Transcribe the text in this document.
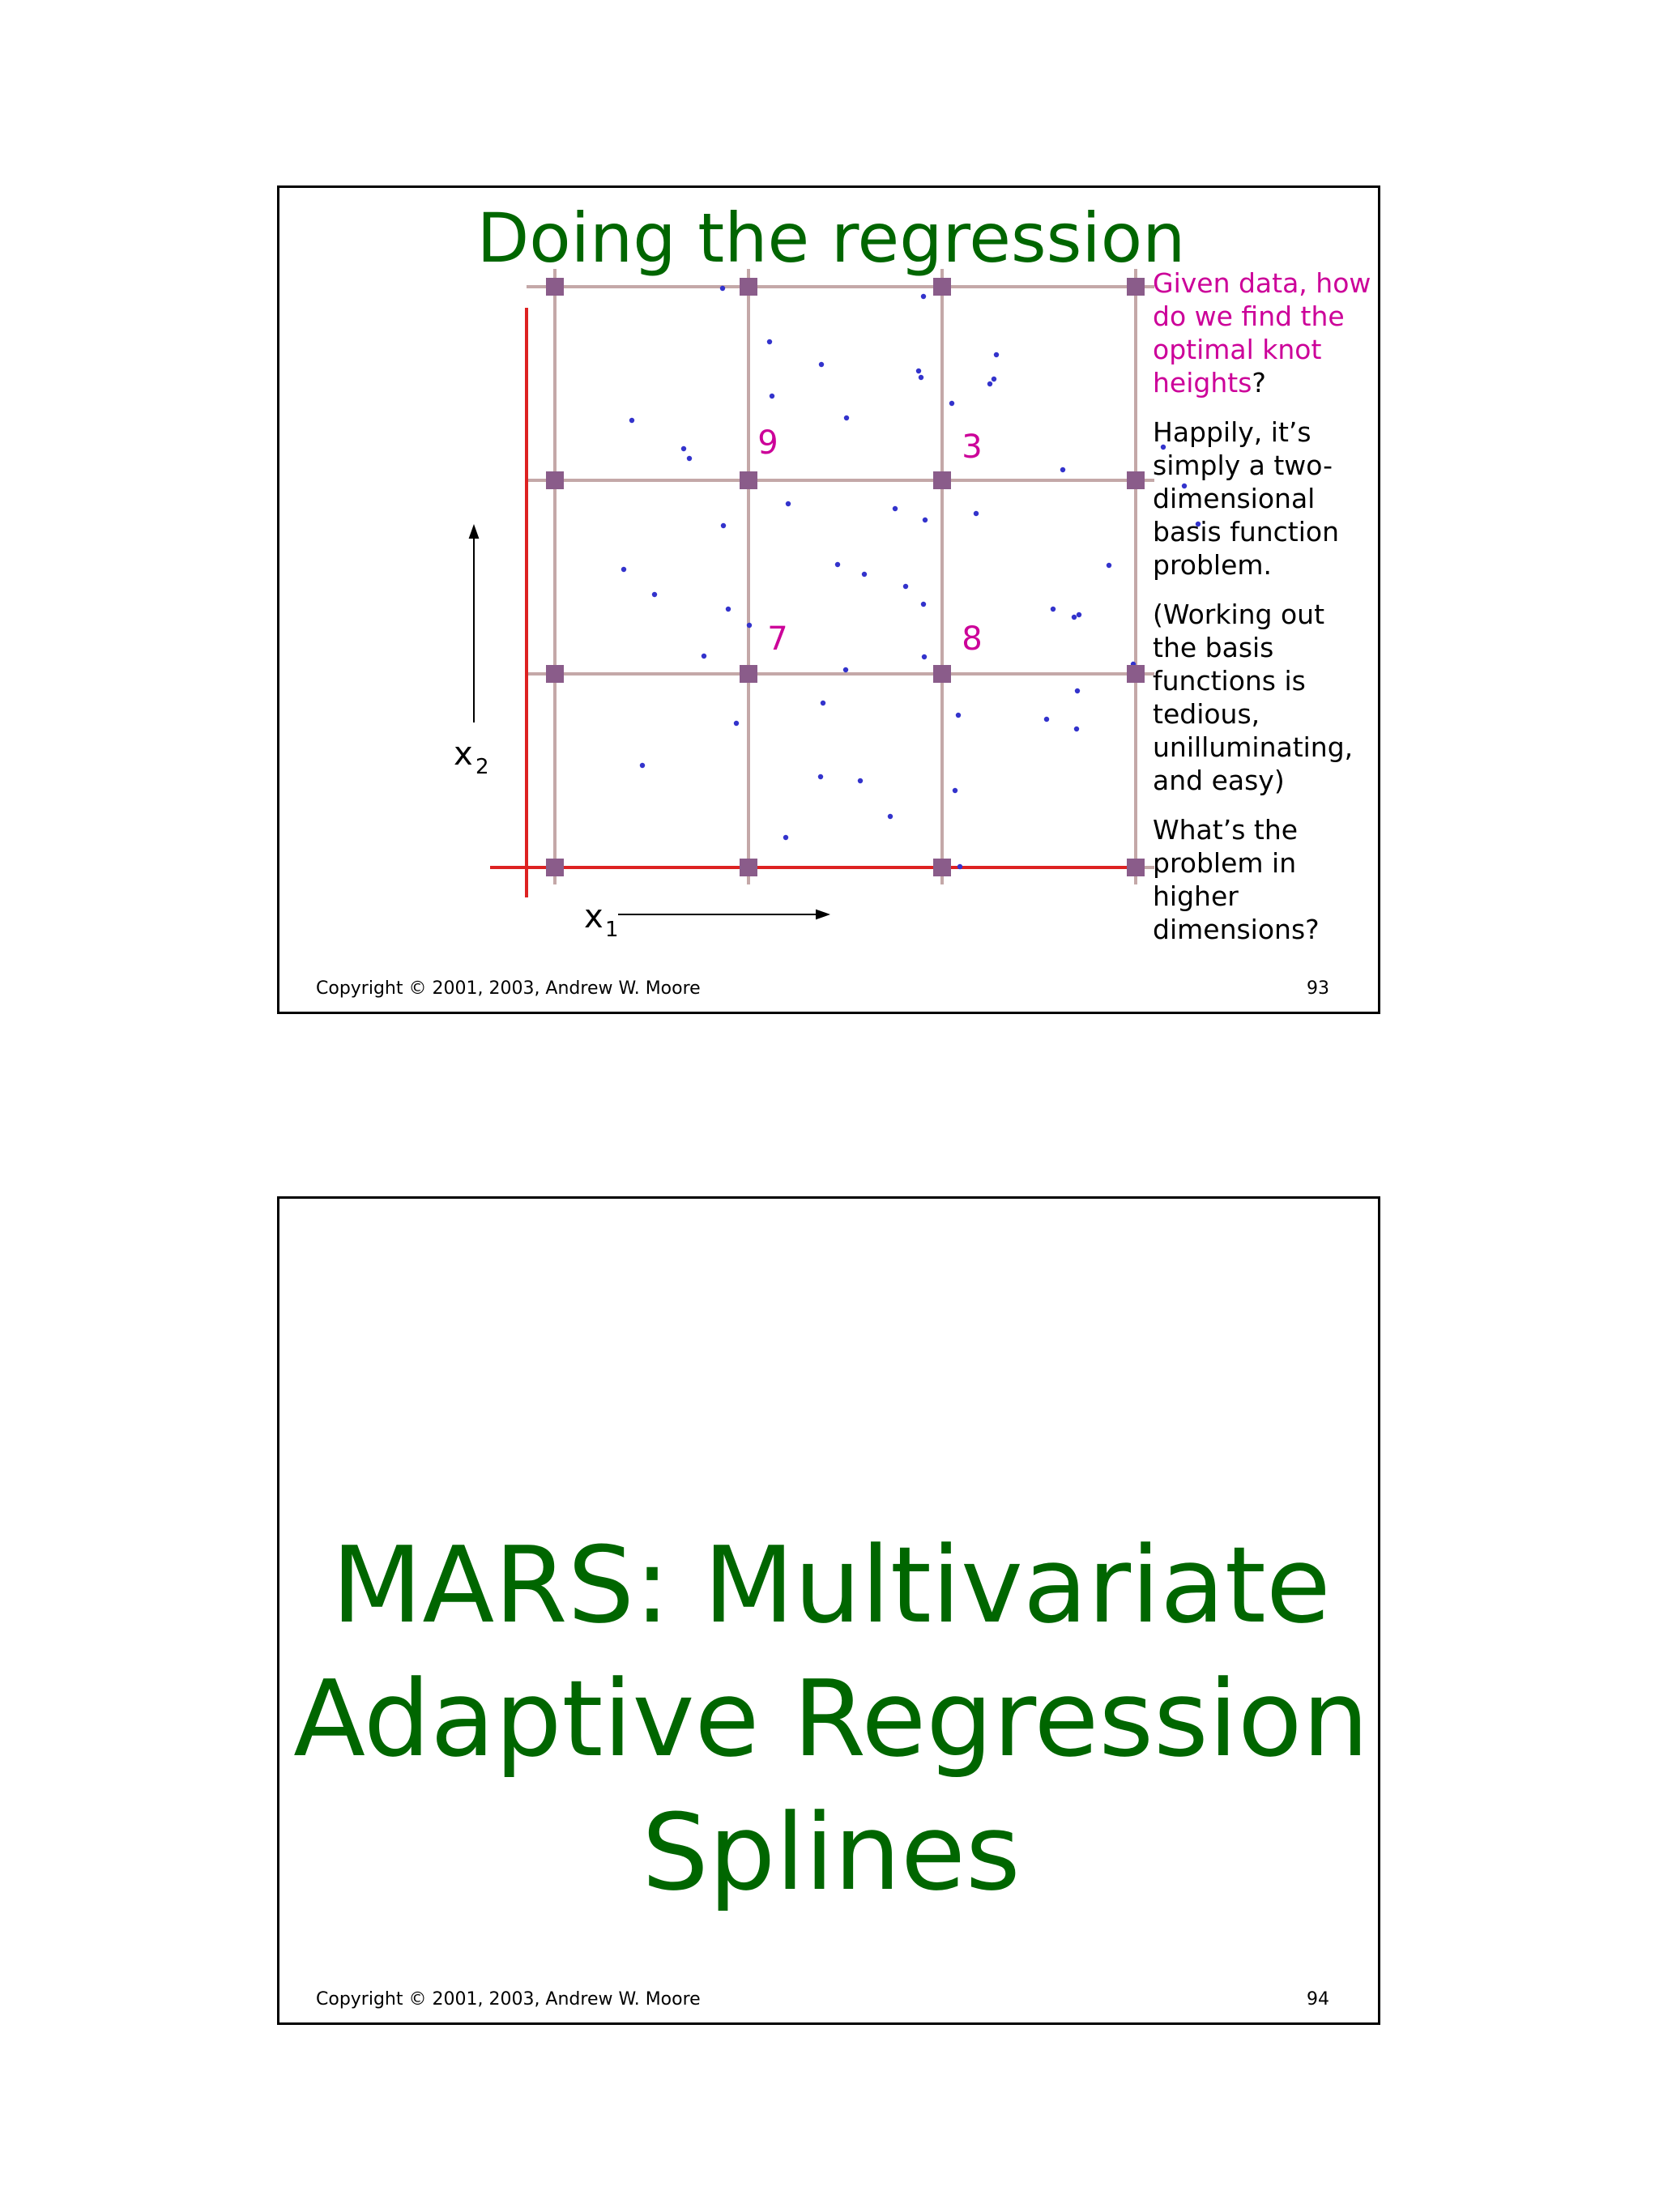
Doing the regression
9	3
7	8
x 2
x 1

Given data, how do we find the optimal knot heights?

Happily, it’s simply a two-dimensional basis function problem.

(Working out the basis functions is tedious, unilluminating, and easy)

What’s the problem in higher dimensions?

Copyright © 2001, 2003, Andrew W. Moore	93
MARS: Multivariate
Adaptive Regression
Splines
Copyright © 2001, 2003, Andrew W. Moore	94
